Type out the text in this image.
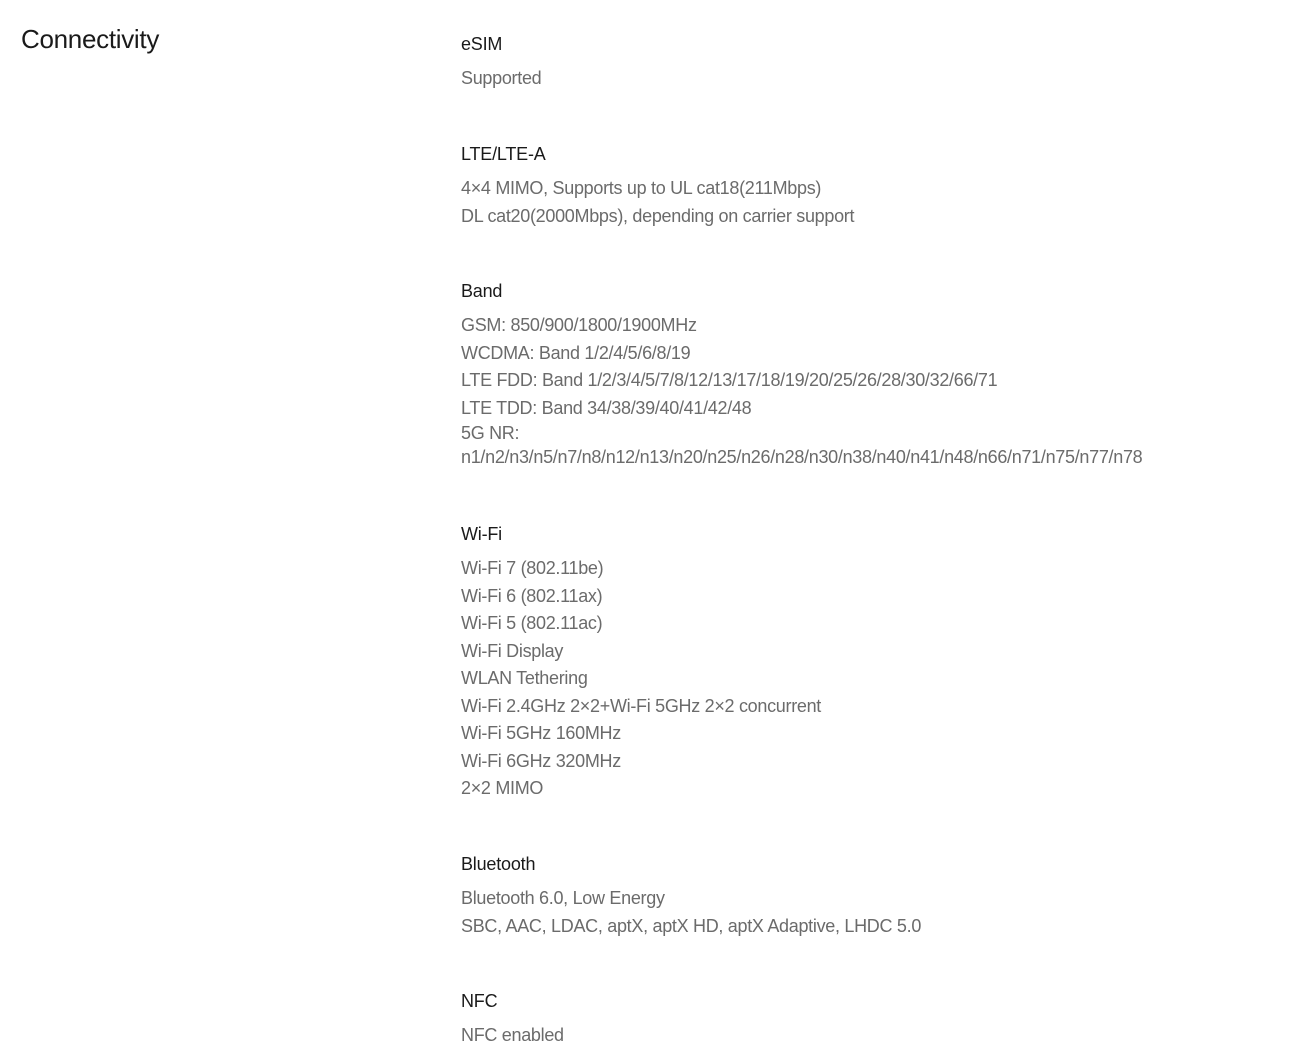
Connectivity	eSIM

Supported

LTE/LTE-A

4×4 MIMO, Supports up to UL cat18(211Mbps)

DL cat20(2000Mbps), depending on carrier support

Band

GSM: 850/900/1800/1900MHz

WCDMA: Band 1/2/4/5/6/8/19

LTE FDD: Band 1/2/3/4/5/7/8/12/13/17/18/19/20/25/26/28/30/32/66/71

LTE TDD: Band 34/38/39/40/41/42/48

5G NR:

n1/n2/n3/n5/n7/n8/n12/n13/n20/n25/n26/n28/n30/n38/n40/n41/n48/n66/n71/n75/n77/n78

Wi-Fi

Wi-Fi 7 (802.11be)

Wi-Fi 6 (802.11ax)

Wi-Fi 5 (802.11ac)

Wi-Fi Display

WLAN Tethering

Wi-Fi 2.4GHz 2×2+Wi-Fi 5GHz 2×2 concurrent

Wi-Fi 5GHz 160MHz

Wi-Fi 6GHz 320MHz

2×2 MIMO

Bluetooth

Bluetooth 6.0, Low Energy

SBC, AAC, LDAC, aptX, aptX HD, aptX Adaptive, LHDC 5.0

NFC

NFC enabled
